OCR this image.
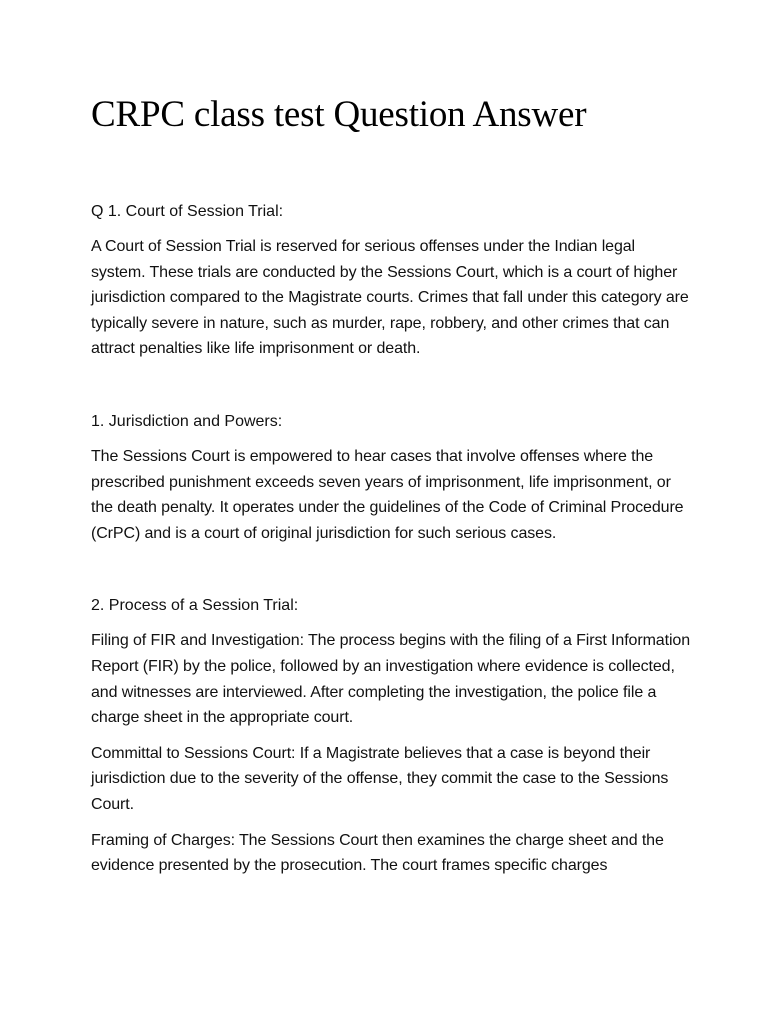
CRPC class test Question Answer
Q 1. Court of Session Trial:

A Court of Session Trial is reserved for serious offenses under the Indian legal system. These trials are conducted by the Sessions Court, which is a court of higher jurisdiction compared to the Magistrate courts. Crimes that fall under this category are typically severe in nature, such as murder, rape, robbery, and other crimes that can attract penalties like life imprisonment or death.

1. Jurisdiction and Powers:

The Sessions Court is empowered to hear cases that involve offenses where the prescribed punishment exceeds seven years of imprisonment, life imprisonment, or the death penalty. It operates under the guidelines of the Code of Criminal Procedure (CrPC) and is a court of original jurisdiction for such serious cases.

2. Process of a Session Trial:

Filing of FIR and Investigation: The process begins with the filing of a First Information Report (FIR) by the police, followed by an investigation where evidence is collected, and witnesses are interviewed. After completing the investigation, the police file a charge sheet in the appropriate court.

Committal to Sessions Court: If a Magistrate believes that a case is beyond their jurisdiction due to the severity of the offense, they commit the case to the Sessions Court.

Framing of Charges: The Sessions Court then examines the charge sheet and the evidence presented by the prosecution. The court frames specific charges
